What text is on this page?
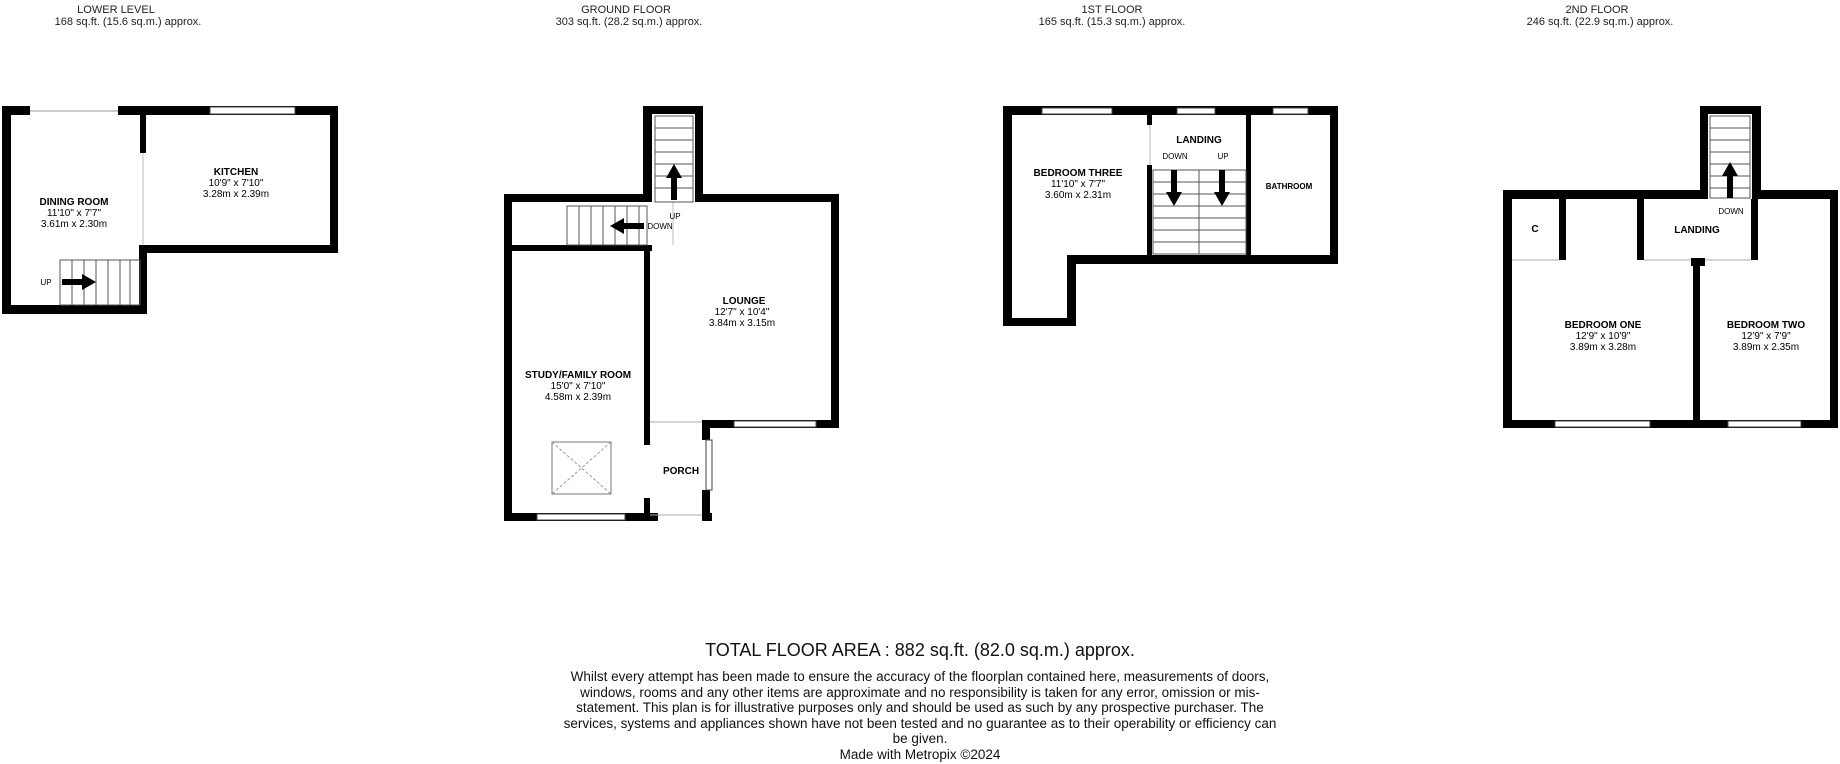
LOWER LEVEL
168 sq.ft. (15.6 sq.m.) approx.
GROUND FLOOR
303 sq.ft. (28.2 sq.m.) approx.
1ST FLOOR
165 sq.ft. (15.3 sq.m.) approx.
2ND FLOOR
246 sq.ft. (22.9 sq.m.) approx.
UP
DINING ROOM
11'10" x 7'7"
3.61m x 2.30m
KITCHEN
10'9" x 7'10"
3.28m x 2.39m
UP
DOWN
LOUNGE
12'7" x 10'4"
3.84m x 3.15m
STUDY/FAMILY ROOM
15'0" x 7'10"
4.58m x 2.39m
PORCH
DOWN	UP
BEDROOM THREE
11'10" x 7'7"
3.60m x 2.31m
LANDING
BATHROOM
DOWN
C	LANDING
BEDROOM ONE
12'9" x 10'9"
3.89m x 3.28m
BEDROOM TWO
12'9" x 7'9"
3.89m x 2.35m
TOTAL FLOOR AREA : 882 sq.ft. (82.0 sq.m.) approx.
Whilst every attempt has been made to ensure the accuracy of the floorplan contained here, measurements of doors, windows, rooms and any other items are approximate and no responsibility is taken for any error, omission or mis-statement. This plan is for illustrative purposes only and should be used as such by any prospective purchaser. The services, systems and appliances shown have not been tested and no guarantee as to their operability or efficiency can be given.
Made with Metropix ©2024
